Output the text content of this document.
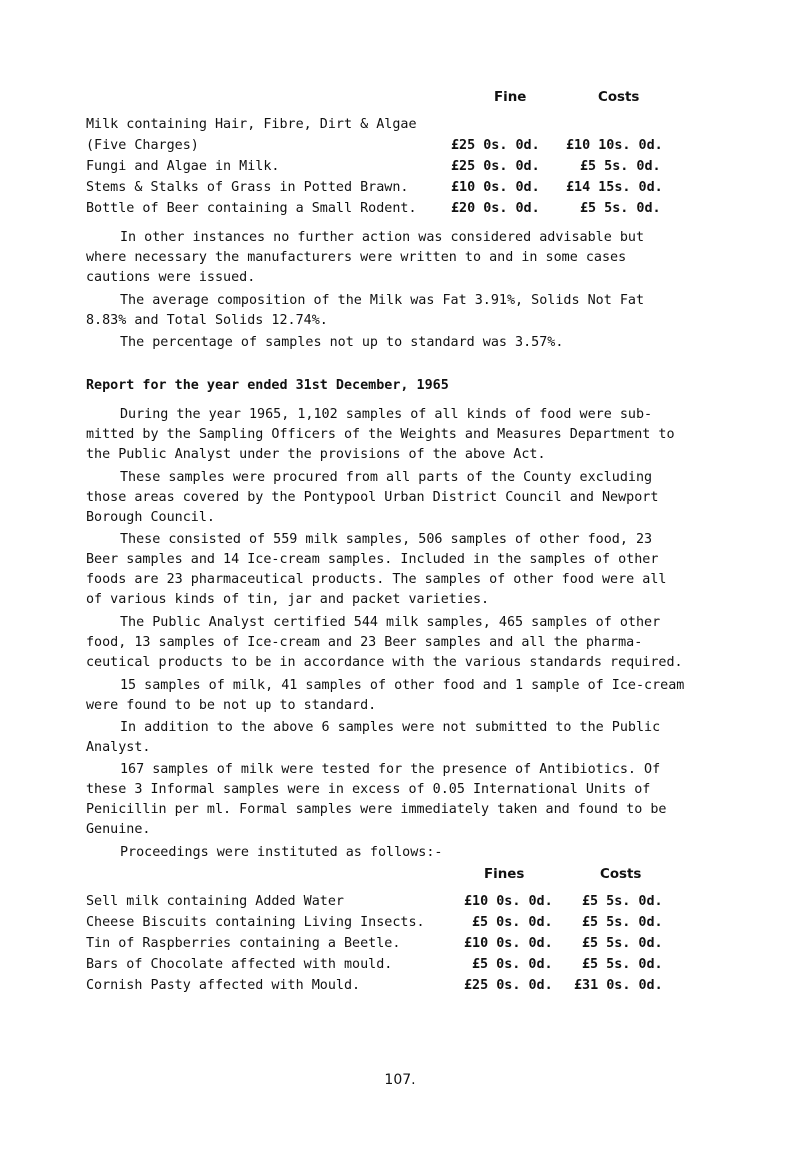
Fine	Costs
Milk containing Hair, Fibre, Dirt & Algae
(Five Charges)	£25 0s. 0d. £10 10s. 0d.
Fungi and Algae in Milk.	£25 0s. 0d.	£5 5s. 0d.
Stems & Stalks of Grass in Potted Brawn.	£10 0s. 0d. £14 15s. 0d.
Bottle of Beer containing a Small Rodent.	£20 0s. 0d.	£5 5s. 0d.

In other instances no further action was considered advisable but where necessary the manufacturers were written to and in some cases cautions were issued.

The average composition of the Milk was Fat 3.91%, Solids Not Fat 8.83% and Total Solids 12.74%.

The percentage of samples not up to standard was 3.57%.

Report for the year ended 31st December, 1965

During the year 1965, 1,102 samples of all kinds of food were sub-mitted by the Sampling Officers of the Weights and Measures Department to the Public Analyst under the provisions of the above Act.

These samples were procured from all parts of the County excluding those areas covered by the Pontypool Urban District Council and Newport Borough Council.

These consisted of 559 milk samples, 506 samples of other food, 23 Beer samples and 14 Ice-cream samples. Included in the samples of other foods are 23 pharmaceutical products. The samples of other food were all of various kinds of tin, jar and packet varieties.

The Public Analyst certified 544 milk samples, 465 samples of other food, 13 samples of Ice-cream and 23 Beer samples and all the pharma-ceutical products to be in accordance with the various standards required.

15 samples of milk, 41 samples of other food and 1 sample of Ice-cream were found to be not up to standard.

In addition to the above 6 samples were not submitted to the Public Analyst.

167 samples of milk were tested for the presence of Antibiotics. Of these 3 Informal samples were in excess of 0.05 International Units of Penicillin per ml. Formal samples were immediately taken and found to be Genuine.

Proceedings were instituted as follows:-
Fines	Costs
Sell milk containing Added Water	£10 0s. 0d. £5 5s. 0d.
Cheese Biscuits containing Living Insects.	£5 0s. 0d. £5 5s. 0d.
Tin of Raspberries containing a Beetle.	£10 0s. 0d. £5 5s. 0d.
Bars of Chocolate affected with mould.	£5 0s. 0d. £5 5s. 0d.
Cornish Pasty affected with Mould.	£25 0s. 0d. £31 0s. 0d.
107.
